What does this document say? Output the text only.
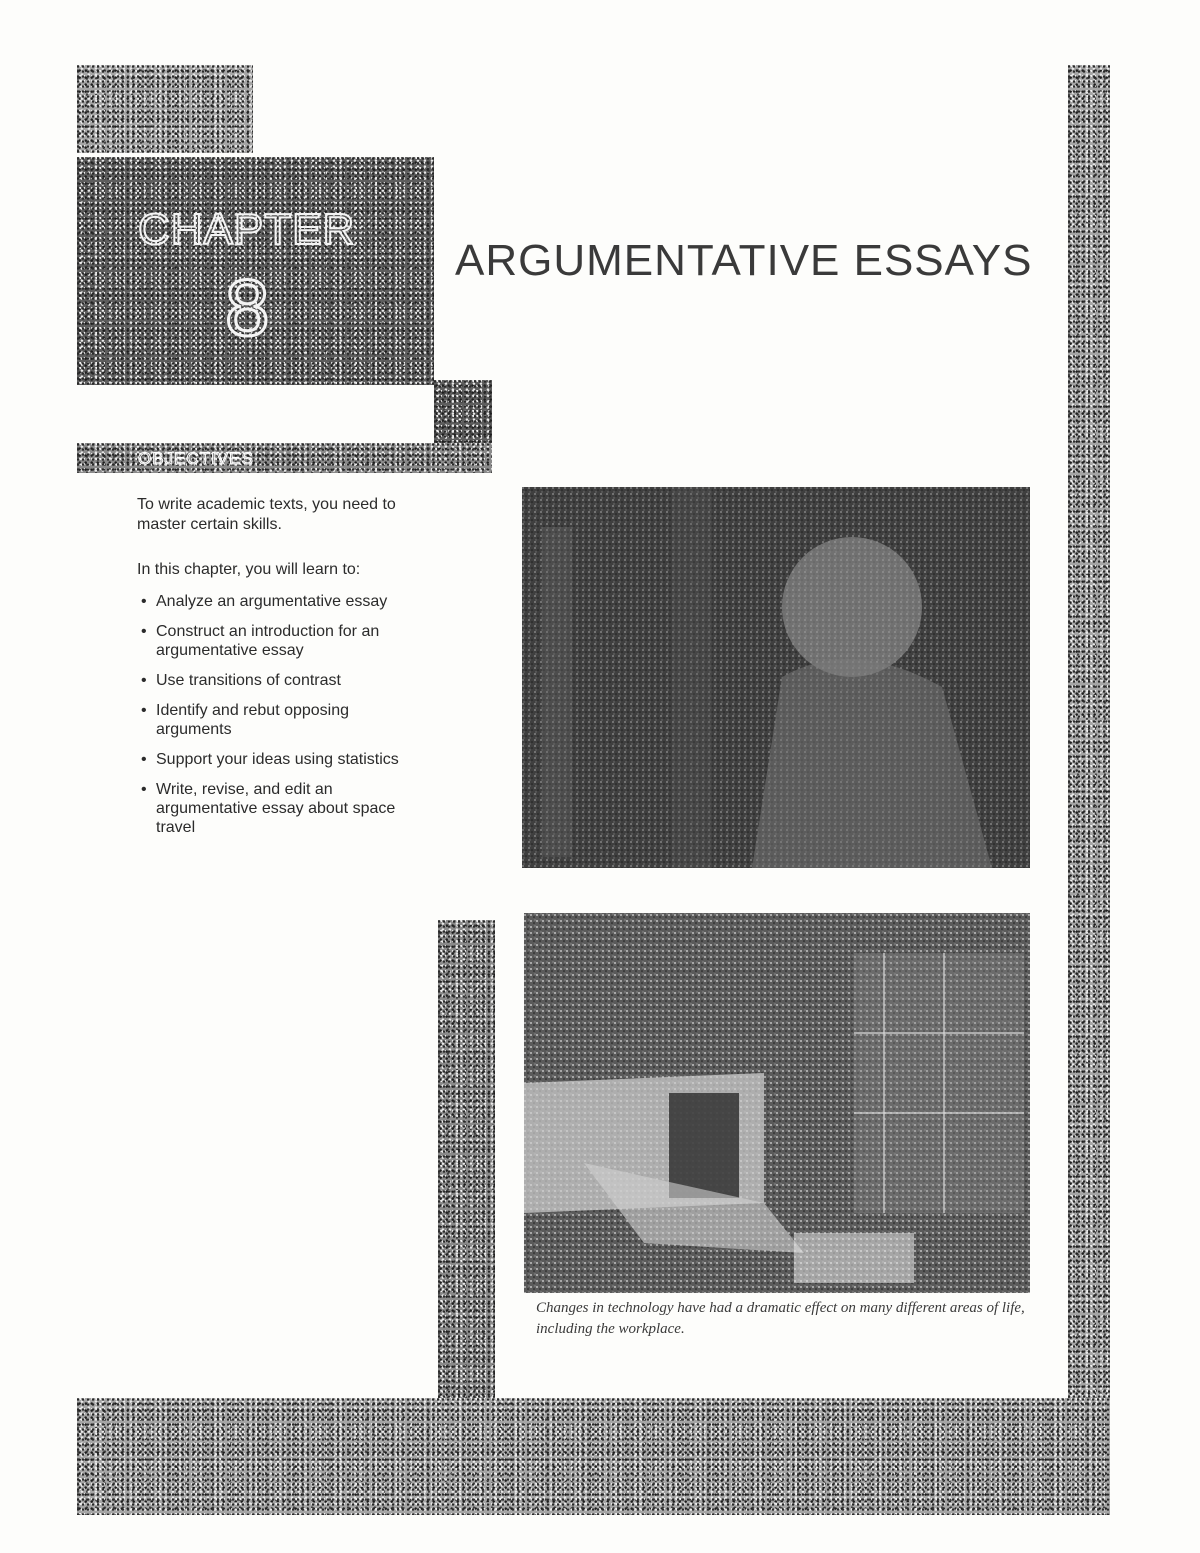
CHAPTER
8
ARGUMENTATIVE ESSAYS
OBJECTIVES

To write academic texts, you need to master certain skills.

In this chapter, you will learn to:

• Analyze an argumentative essay
• Construct an introduction for an argumentative essay
• Use transitions of contrast
• Identify and rebut opposing arguments
• Support your ideas using statistics
• Write, revise, and edit an argumentative essay about space travel

Changes in technology have had a dramatic effect on many different areas of life, including the workplace.
